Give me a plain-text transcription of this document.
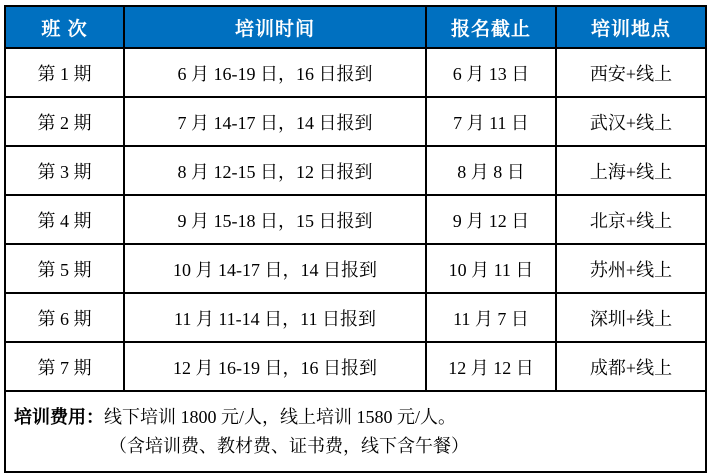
班 次	培训时间	报名截止	培训地点
第 1 期	6 月 16-19 日，16 日报到	6 月 13 日	西安+线上
第 2 期	7 月 14-17 日，14 日报到	7 月 11 日	武汉+线上
第 3 期	8 月 12-15 日，12 日报到	8 月 8 日	上海+线上
第 4 期	9 月 15-18 日，15 日报到	9 月 12 日	北京+线上
第 5 期	10 月 14-17 日，14 日报到	10 月 11 日	苏州+线上
第 6 期	11 月 11-14 日，11 日报到	11 月 7 日	深圳+线上
第 7 期	12 月 16-19 日，16 日报到	12 月 12 日	成都+线上

培训费用：线下培训 1800 元/人，线上培训 1580 元/人。
（含培训费、教材费、证书费，线下含午餐）			
